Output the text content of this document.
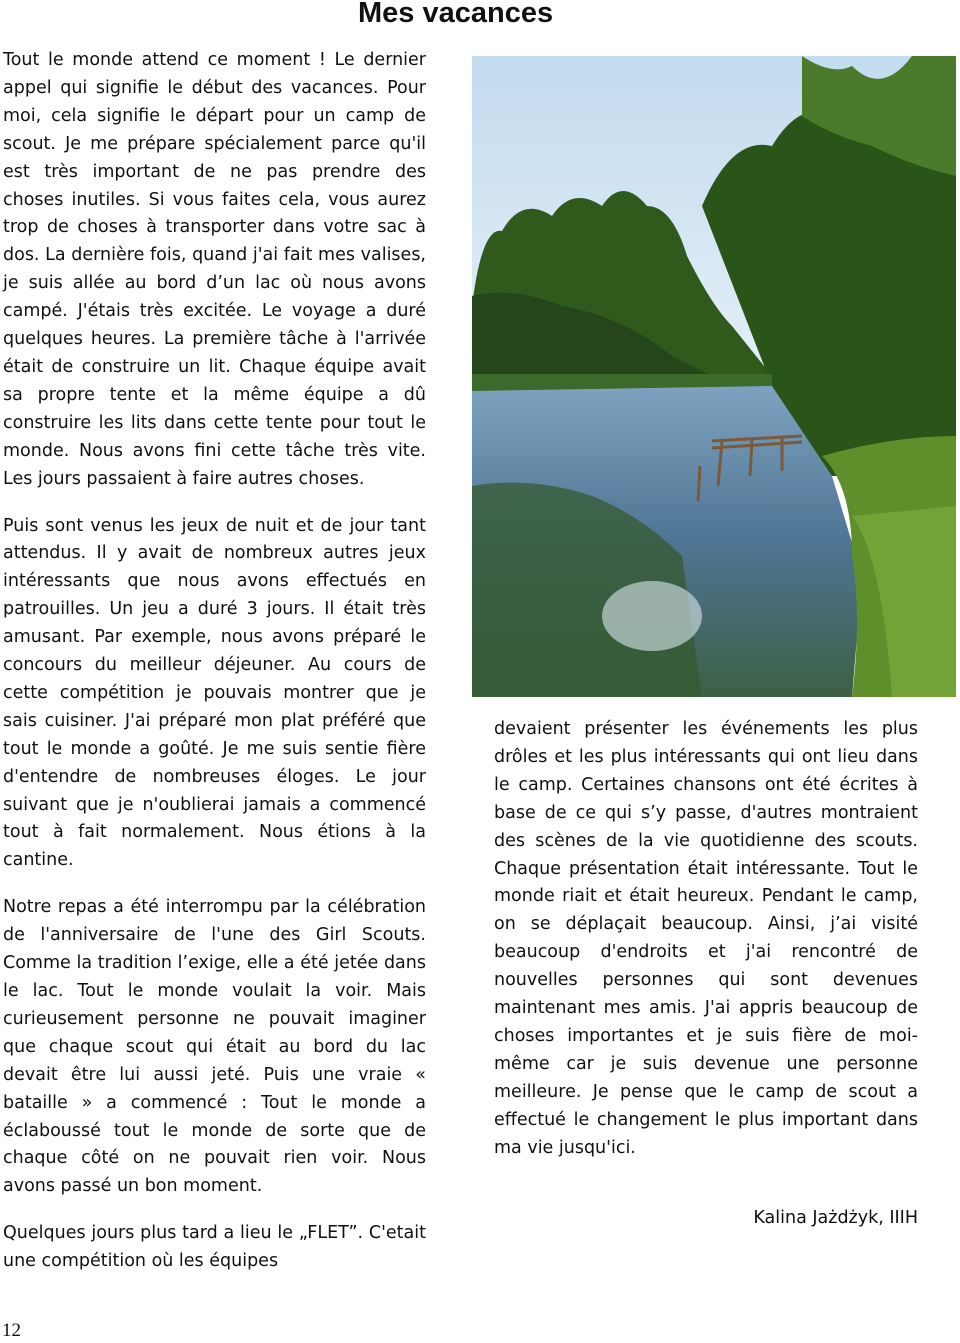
Mes vacances

Tout le monde attend ce moment ! Le dernier appel qui signifie le début des vacances. Pour moi, cela signifie le départ pour un camp de scout. Je me prépare spécialement parce qu'il est très important de ne pas prendre des choses inutiles. Si vous faites cela, vous aurez trop de choses à transporter dans votre sac à dos. La dernière fois, quand j'ai fait mes valises, je suis allée au bord d’un lac où nous avons campé. J'étais très excitée. Le voyage a duré quelques heures. La première tâche à l'arrivée était de construire un lit. Chaque équipe avait sa propre tente et la même équipe a dû construire les lits dans cette tente pour tout le monde. Nous avons fini cette tâche très vite. Les jours passaient à faire autres choses.

Puis sont venus les jeux de nuit et de jour tant attendus. Il y avait de nombreux autres jeux intéressants que nous avons effectués en patrouilles. Un jeu a duré 3 jours. Il était très amusant. Par exemple, nous avons préparé le concours du meilleur déjeuner. Au cours de cette compétition je pouvais montrer que je sais cuisiner. J'ai préparé mon plat préféré que tout le monde a goûté. Je me suis sentie fière d'entendre de nombreuses éloges. Le jour suivant que je n'oublierai jamais a commencé tout à fait normalement. Nous étions à la cantine.

Notre repas a été interrompu par la célébration de l'anniversaire de l'une des Girl Scouts. Comme la tradition l’exige, elle a été jetée dans le lac. Tout le monde voulait la voir. Mais curieusement personne ne pouvait imaginer que chaque scout qui était au bord du lac devait être lui aussi jeté. Puis une vraie « bataille » a commencé : Tout le monde a éclaboussé tout le monde de sorte que de chaque côté on ne pouvait rien voir. Nous avons passé un bon moment.

Quelques jours plus tard a lieu le „FLET”. C'etait une compétition où les équipes

devaient présenter les événements les plus drôles et les plus intéressants qui ont lieu dans le camp. Certaines chansons ont été écrites à base de ce qui s’y passe, d'autres montraient des scènes de la vie quotidienne des scouts. Chaque présentation était intéressante. Tout le monde riait et était heureux. Pendant le camp, on se déplaçait beaucoup. Ainsi, j’ai visité beaucoup d'endroits et j'ai rencontré de nouvelles personnes qui sont devenues maintenant mes amis. J'ai appris beaucoup de choses importantes et je suis fière de moi-même car je suis devenue une personne meilleure. Je pense que le camp de scout a effectué le changement le plus important dans ma vie jusqu'ici.

Kalina Jażdżyk, IIIH

12
